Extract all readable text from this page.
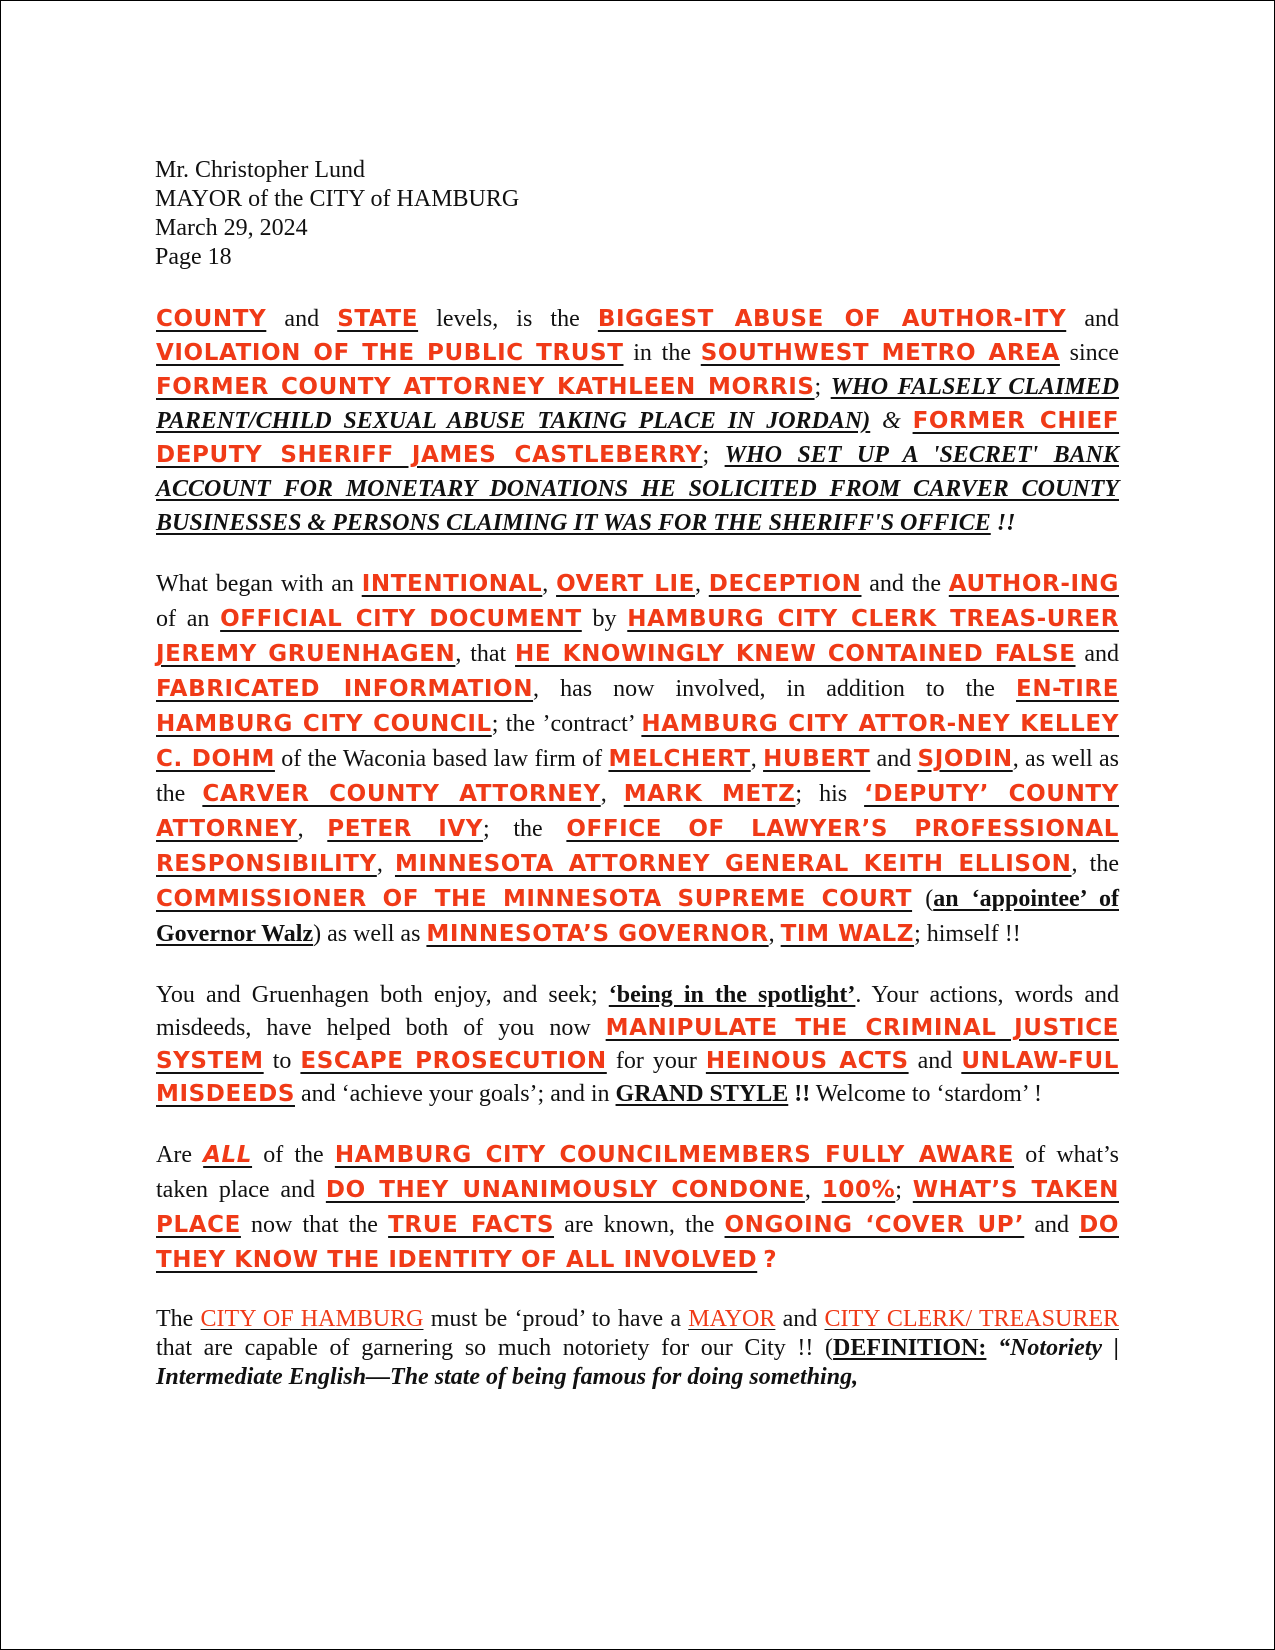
Mr. Christopher Lund
MAYOR of the CITY of HAMBURG
March 29, 2024
Page 18

COUNTY and STATE levels, is the BIGGEST ABUSE OF AUTHOR-ITY and VIOLATION OF THE PUBLIC TRUST in the SOUTHWEST METRO AREA since FORMER COUNTY ATTORNEY KATHLEEN MORRIS; WHO FALSELY CLAIMED PARENT/CHILD SEXUAL ABUSE TAKING PLACE IN JORDAN) & FORMER CHIEF DEPUTY SHERIFF JAMES CASTLEBERRY; WHO SET UP A 'SECRET' BANK ACCOUNT FOR MONETARY DONATIONS HE SOLICITED FROM CARVER COUNTY BUSINESSES & PERSONS CLAIMING IT WAS FOR THE SHERIFF'S OFFICE !!

What began with an INTENTIONAL, OVERT LIE, DECEPTION and the AUTHOR-ING of an OFFICIAL CITY DOCUMENT by HAMBURG CITY CLERK TREAS-URER JEREMY GRUENHAGEN, that HE KNOWINGLY KNEW CONTAINED FALSE and FABRICATED INFORMATION, has now involved, in addition to the EN-TIRE HAMBURG CITY COUNCIL; the ’contract’ HAMBURG CITY ATTOR-NEY KELLEY C. DOHM of the Waconia based law firm of MELCHERT, HUBERT and SJODIN, as well as the CARVER COUNTY ATTORNEY, MARK METZ; his ‘DEPUTY’ COUNTY ATTORNEY, PETER IVY; the OFFICE OF LAWYER’S PROFESSIONAL RESPONSIBILITY, MINNESOTA ATTORNEY GENERAL KEITH ELLISON, the COMMISSIONER OF THE MINNESOTA SUPREME COURT (an ‘appointee’ of Governor Walz) as well as MINNESOTA’S GOVERNOR, TIM WALZ; himself !!

You and Gruenhagen both enjoy, and seek; ‘being in the spotlight’. Your actions, words and misdeeds, have helped both of you now MANIPULATE THE CRIMINAL JUSTICE SYSTEM to ESCAPE PROSECUTION for your HEINOUS ACTS and UNLAW-FUL MISDEEDS and ‘achieve your goals’; and in GRAND STYLE !! Welcome to ‘stardom’ !

Are ALL of the HAMBURG CITY COUNCILMEMBERS FULLY AWARE of what’s taken place and DO THEY UNANIMOUSLY CONDONE, 100%; WHAT’S TAKEN PLACE now that the TRUE FACTS are known, the ONGOING ‘COVER UP’ and DO THEY KNOW THE IDENTITY OF ALL INVOLVED ?

The CITY OF HAMBURG must be ‘proud’ to have a MAYOR and CITY CLERK/ TREASURER that are capable of garnering so much notoriety for our City !! (DEFINITION: “Notoriety | Intermediate English—The state of being famous for doing something,
